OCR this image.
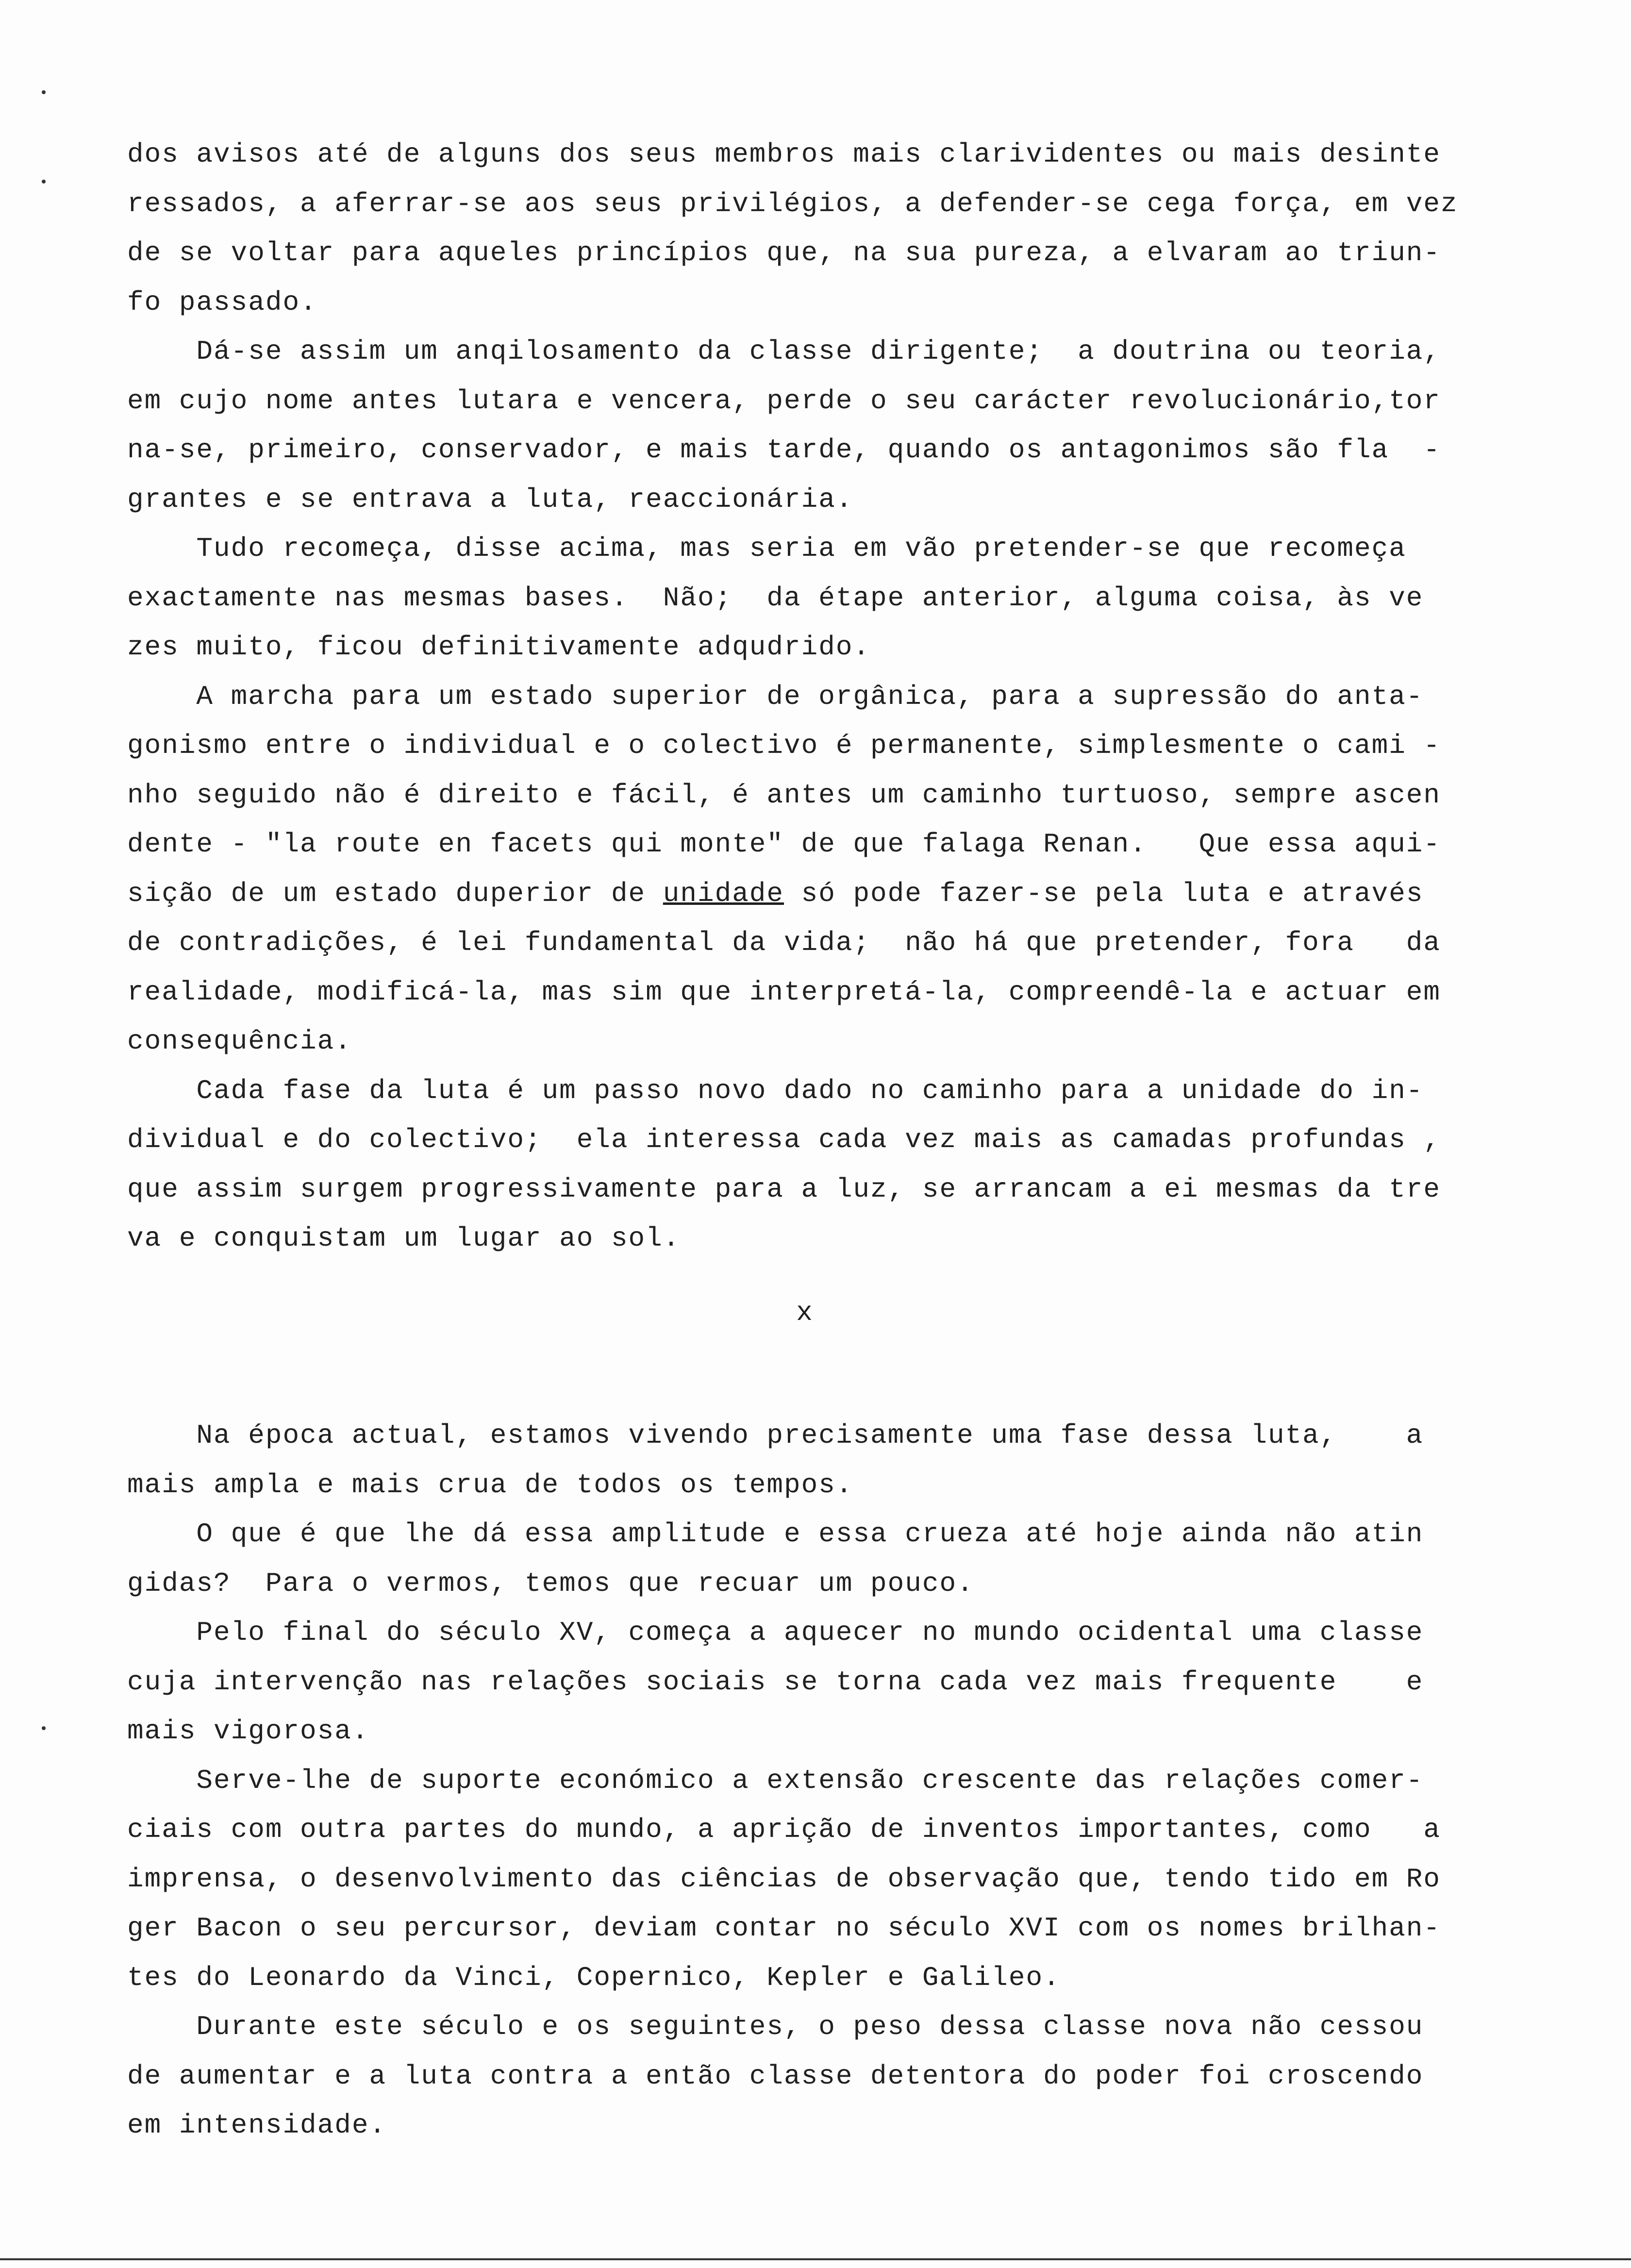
dos avisos até de alguns dos seus membros mais clarividentes ou mais desinte
ressados, a aferrar-se aos seus privilégios, a defender-se cega força, em vez
de se voltar para aqueles princípios que, na sua pureza, a elvaram ao triun-
fo passado.
Dá-se assim um anqilosamento da classe dirigente;  a doutrina ou teoria,
em cujo nome antes lutara e vencera, perde o seu carácter revolucionário,tor
na-se, primeiro, conservador, e mais tarde, quando os antagonimos são fla  -
grantes e se entrava a luta, reaccionária.
Tudo recomeça, disse acima, mas seria em vão pretender-se que recomeça
exactamente nas mesmas bases.  Não;  da étape anterior, alguma coisa, às ve
zes muito, ficou definitivamente adqudrido.
A marcha para um estado superior de orgânica, para a supressão do anta-
gonismo entre o individual e o colectivo é permanente, simplesmente o cami -
nho seguido não é direito e fácil, é antes um caminho turtuoso, sempre ascen
dente - "la route en facets qui monte" de que falaga Renan.   Que essa aqui-
sição de um estado duperior de unidade só pode fazer-se pela luta e através
de contradições, é lei fundamental da vida;  não há que pretender, fora   da
realidade, modificá-la, mas sim que interpretá-la, compreendê-la e actuar em
consequência.
Cada fase da luta é um passo novo dado no caminho para a unidade do in-
dividual e do colectivo;  ela interessa cada vez mais as camadas profundas ,
que assim surgem progressivamente para a luz, se arrancam a ei mesmas da tre
va e conquistam um lugar ao sol.
x
Na época actual, estamos vivendo precisamente uma fase dessa luta,    a
mais ampla e mais crua de todos os tempos.
O que é que lhe dá essa amplitude e essa crueza até hoje ainda não atin
gidas?  Para o vermos, temos que recuar um pouco.
Pelo final do século XV, começa a aquecer no mundo ocidental uma classe
cuja intervenção nas relações sociais se torna cada vez mais frequente    e
mais vigorosa.
Serve-lhe de suporte económico a extensão crescente das relações comer-
ciais com outra partes do mundo, a aprição de inventos importantes, como   a
imprensa, o desenvolvimento das ciências de observação que, tendo tido em Ro
ger Bacon o seu percursor, deviam contar no século XVI com os nomes brilhan-
tes do Leonardo da Vinci, Copernico, Kepler e Galileo.
Durante este século e os seguintes, o peso dessa classe nova não cessou
de aumentar e a luta contra a então classe detentora do poder foi croscendo
em intensidade.
